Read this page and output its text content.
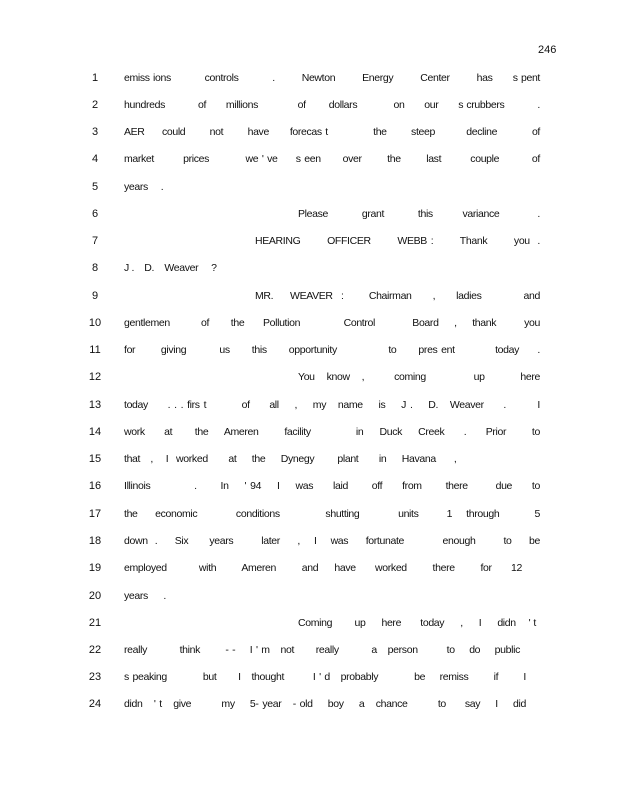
246
1	emiss ions          controls          .        Newton        Energy        Center        has      s pent
2	hundreds          of      millions            of       dollars           on      our      s crubbers          .
3	AER     could       not       have      forecas t             the       steep         decline          of
4	market        prices          we ' ve     s een      over       the       last        couple         of
5	years     .
6	Please        grant        this       variance         .
7	HEARING       OFFICER       WEBB :       Thank       you  .
8	J .    D.    Weaver     ?
9	MR.    WEAVER  :      Chairman     ,     ladies          and
10 gentlemen          of       the      Pollution              Control            Board     ,     thank         you
11 for       giving         us      this      opportunity              to      pres ent           today     .
12	You  know  ,     coming        up      here
13 today     . . . firs t         of     all    ,    my   name    is    J .    D.   Weaver     .        I
14 work      at       the     Ameren        facility              in     Duck     Creek      .      Prior        to
15 that    ,     I   worked        at      the      Dynegy         plant        in      Havana       ,
16 Illinois           .      In    ' 94    I    was     laid      off     from      there       due     to
17 the     economic           conditions             shutting           units        1    through          5
18 down  .     Six      years        later     ,    I    was     fortunate           enough        to     be
19 employed          with        Ameren        and     have      worked        there        for      12
20 years      .
21	Coming       up     here      today     ,     I     didn    ' t
22 really         think       - -    I ' m   not      really         a   person        to    do    public
23 s peaking          but      I   thought        I ' d   probably          be    remiss       if       I
24 didn   ' t   give        my    5- year   - old    boy    a   chance        to     say    I    did
